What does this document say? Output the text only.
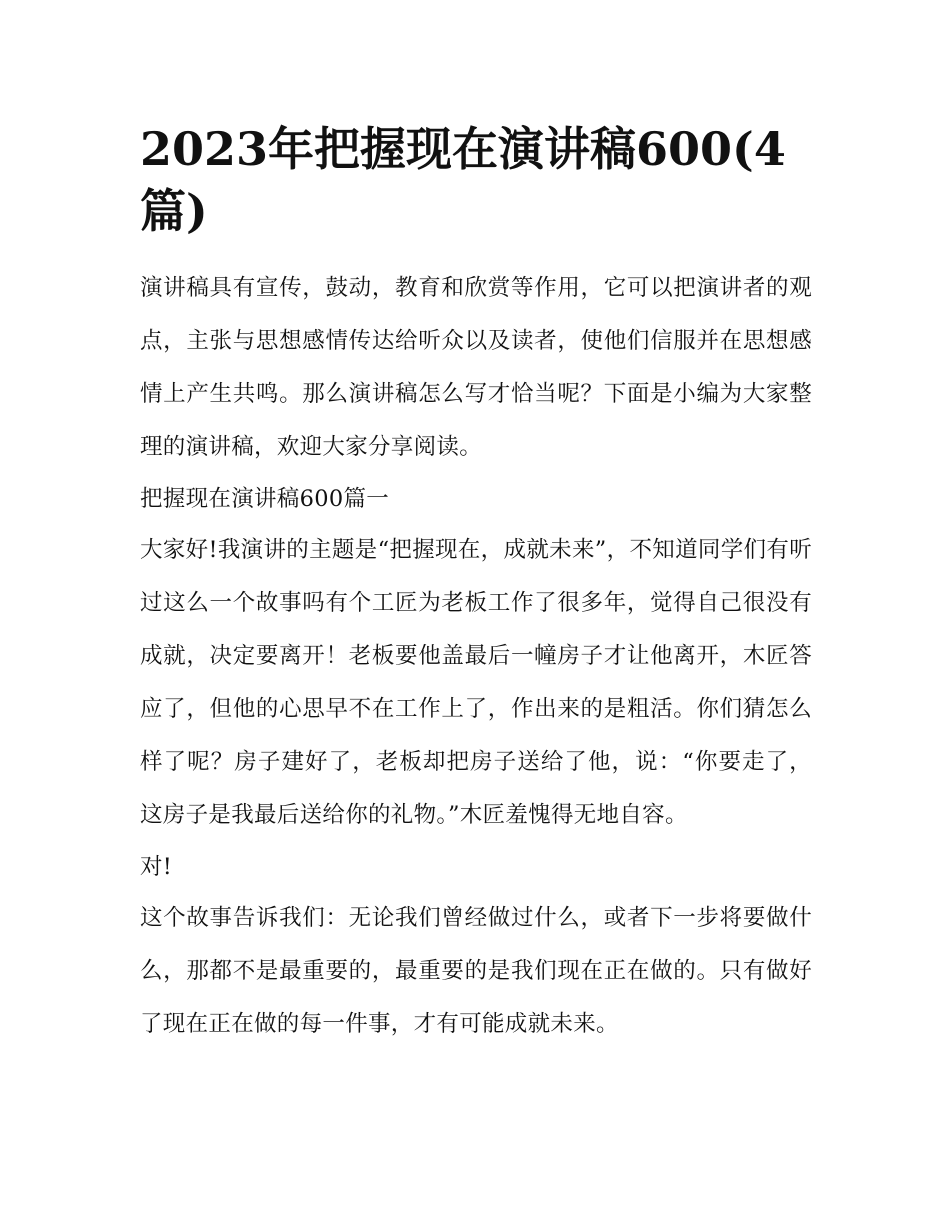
2023年把握现在演讲稿600(4篇)

演讲稿具有宣传，鼓动，教育和欣赏等作用，它可以把演讲者的观点，主张与思想感情传达给听众以及读者，使他们信服并在思想感情上产生共鸣。那么演讲稿怎么写才恰当呢？下面是小编为大家整理的演讲稿，欢迎大家分享阅读。

把握现在演讲稿600篇一

大家好!我演讲的主题是“把握现在，成就未来”，不知道同学们有听过这么一个故事吗有个工匠为老板工作了很多年，觉得自己很没有成就，决定要离开！老板要他盖最后一幢房子才让他离开，木匠答应了，但他的心思早不在工作上了，作出来的是粗活。你们猜怎么样了呢？房子建好了，老板却把房子送给了他，说：“你要走了，这房子是我最后送给你的礼物。”木匠羞愧得无地自容。

对!

这个故事告诉我们：无论我们曾经做过什么，或者下一步将要做什么，那都不是最重要的，最重要的是我们现在正在做的。只有做好了现在正在做的每一件事，才有可能成就未来。
